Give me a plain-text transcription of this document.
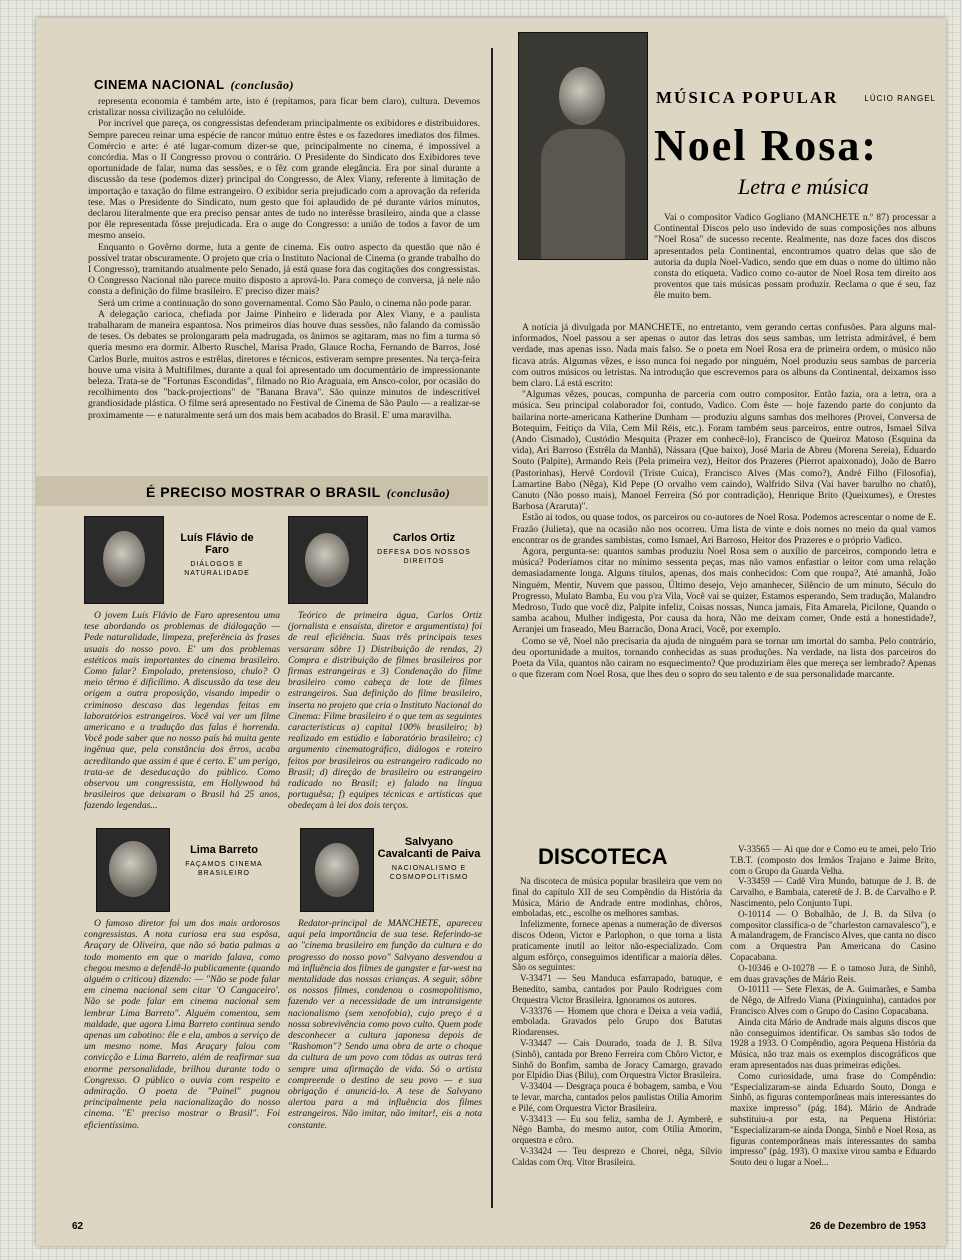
CINEMA NACIONAL (conclusão)

representa economia é também arte, isto é (repitamos, para ficar bem claro), cultura. Devemos cristalizar nossa civilização no celulóide.

Por incrível que pareça, os congressistas defenderam principalmente os exibidores e distribuidores. Sempre pareceu reinar uma espécie de rancor mútuo entre êstes e os fazedores imediatos dos filmes. Comércio e arte: é até lugar-comum dizer-se que, principalmente no cinema, é impossível a concórdia. Mas o II Congresso provou o contrário. O Presidente do Sindicato dos Exibidores teve oportunidade de falar, numa das sessões, e o fêz com grande elegância. Era por sinal durante a discussão da tese (podemos dizer) principal do Congresso, de Alex Viany, referente à limitação de importação e taxação do filme estrangeiro. O exibidor seria prejudicado com a aprovação da referida tese. Mas o Presidente do Sindicato, num gesto que foi aplaudido de pé durante vários minutos, declarou literalmente que era preciso pensar antes de tudo no interêsse brasileiro, ainda que a classe por êle representada fôsse prejudicada. Era o auge do Congresso: a união de todos a favor de um mesmo anseio.

Enquanto o Govêrno dorme, luta a gente de cinema. Eis outro aspecto da questão que não é possível tratar obscuramente. O projeto que cria o Instituto Nacional de Cinema (o grande trabalho do I Congresso), tramitando atualmente pelo Senado, já está quase fora das cogitações dos congressistas. O Congresso Nacional não parece muito disposto a aprová-lo. Para começo de conversa, já nele não consta a definição do filme brasileiro. E' preciso dizer mais?

Será um crime a continuação do sono governamental. Como São Paulo, o cinema não pode parar.

A delegação carioca, chefiada por Jaime Pinheiro e liderada por Alex Viany, e a paulista trabalharam de maneira espantosa. Nos primeiros dias houve duas sessões, não falando da comissão de teses. Os debates se prolongaram pela madrugada, os ânimos se agitaram, mas no fim a turma só queria mesmo era dormir. Alberto Ruschel, Marisa Prado, Glauce Rocha, Fernando de Barros, José Carlos Burle, muitos astros e estrêlas, diretores e técnicos, estiveram sempre presentes. Na terça-feira houve uma visita à Multifilmes, durante a qual foi apresentado um documentário de impressionante beleza. Trata-se de "Fortunas Escondidas", filmado no Rio Araguaia, em Ansco-color, por ocasião do recolhimento dos "back-projections" de "Banana Brava". São quinze minutos de indescritível grandiosidade plástica. O filme será apresentado no Festival de Cinema de São Paulo — a realizar-se proximamente — e naturalmente será um dos mais bem acabados do Brasil. E' uma maravilha.

É PRECISO MOSTRAR O BRASIL (conclusão)
Luís Flávio de Faro
DIÁLOGOS E NATURALIDADE
Carlos Ortiz
DEFESA DOS NOSSOS DIREITOS

O jovem Luís Flávio de Faro apresentou uma tese abordando os problemas de diálogação — Pede naturalidade, limpeza, preferência às frases usuais do nosso povo. E' um dos problemas estéticos mais importantes do cinema brasileiro. Como falar? Empolado, pretensioso, chulo? O meio têrmo é dificílimo. A discussão da tese deu origem a outra proposição, visando impedir o criminoso descaso das legendas feitas em laboratórios estrangeiros. Você vai ver um filme americano e a tradução das falas é horrenda. Você pode saber que no nosso país há muita gente ingênua que, pela constância dos êrros, acaba acreditando que assim é que é certo. E' um perigo, trata-se de deseducação do público. Como observou um congressista, em Hollywood há brasileiros que deixaram o Brasil há 25 anos, fazendo legendas...

Teórico de primeira água, Carlos Ortiz (jornalista e ensaísta, diretor e argumentista) foi de real eficiência. Suas três principais teses versaram sôbre 1) Distribuição de rendas, 2) Compra e distribuição de filmes brasileiros por firmas estrangeiras e 3) Condenação do filme brasileiro como cabeça de lote de filmes estrangeiros. Sua definição do filme brasileiro, inserta no projeto que cria o Instituto Nacional do Cinema: Filme brasileiro é o que tem as seguintes características a) capital 100% brasileiro; b) realizado em estúdio e laboratório brasileiro; c) argumento cinematográfico, diálogos e roteiro feitos por brasileiros ou estrangeiro radicado no Brasil; d) direção de brasileiro ou estrangeiro radicado no Brasil; e) falado na língua portuguêsa; f) equipes técnicas e artísticas que obedeçam à lei dos dois terços.

Lima Barreto
FAÇAMOS CINEMA BRASILEIRO
Salvyano Cavalcanti de Paiva
NACIONALISMO E COSMOPOLITISMO

O famoso diretor foi um dos mais ardorosos congressistas. A nota curiosa era sua espôsa, Araçary de Oliveira, que não só batia palmas a todo momento em que o marido falava, como chegou mesmo a defendê-lo publicamente (quando alguém o criticou) dizendo: — "Não se pode falar em cinema nacional sem citar 'O Cangaceiro'. Não se pode falar em cinema nacional sem lembrar Lima Barreto". Alguém comentou, sem maldade, que agora Lima Barreto continua sendo apenas um cabotino: êle e ela, ambos a serviço de um mesmo nome. Mas Araçary falou com convicção e Lima Barreto, além de reafirmar sua enorme personalidade, brilhou durante todo o Congresso. O público o ouvia com respeito e admiração. O poeta de "Painel" pugnou principalmente pela nacionalização do nosso cinema. "E' preciso mostrar o Brasil". Foi eficientíssimo.

Redator-principal de MANCHETE, apareceu aqui pela importância de sua tese. Referindo-se ao "cinema brasileiro em função da cultura e do progresso do nosso povo" Salvyano desvendou a má influência dos filmes de gangster e far-west na mentalidade das nossas crianças. A seguir, sôbre os nossos filmes, condenou o cosmopolitismo, fazendo ver a necessidade de um intransigente nacionalismo (sem xenofobia), cujo preço é a nossa sobrevivência como povo culto. Quem pode desconhecer a cultura japonesa depois de "Rashomon"? Sendo uma obra de arte o choque da cultura de um povo com tôdas as outras terá sempre uma afirmação de vida. Só o artista compreende o destino de seu povo — e sua obrigação é anunciá-lo. A tese de Salvyano alertou para a má influência dos filmes estrangeiros. Não imitar, não imitar!, eis a nota constante.

62
MÚSICA POPULAR	LÚCIO RANGEL
Noel Rosa:
Letra e música

Vai o compositor Vadico Gogliano (MANCHETE n.º 87) processar a Continental Discos pelo uso indevido de suas composições nos albuns "Noel Rosa" de sucesso recente. Realmente, nas doze faces dos discos apresentados pela Continental, encontramos quatro delas que são de autoria da dupla Noel-Vadico, sendo que em duas o nome do último não consta do etiqueta. Vadico como co-autor de Noel Rosa tem direito aos proventos que tais músicas possam produzir. Reclama o que é seu, faz êle muito bem.

A notícia já divulgada por MANCHETE, no entretanto, vem gerando certas confusões. Para alguns mal-informados, Noel passou a ser apenas o autor das letras dos seus sambas, um letrista admirável, é bem verdade, mas apenas isso. Nada mais falso. Se o poeta em Noel Rosa era de primeira ordem, o músico não ficava atrás. Algumas vêzes, e isso nunca foi negado por ninguém, Noel produziu seus sambas de parceria com outros músicos ou letristas. Na introdução que escrevemos para os albuns da Continental, deixamos isso bem claro. Lá está escrito:

"Algumas vêzes, poucas, compunha de parceria com outro compositor. Então fazia, ora a letra, ora a música. Seu principal colaborador foi, contudo, Vadico. Com êste — hoje fazendo parte do conjunto da bailarina norte-americana Katherine Dunham — produziu alguns sambas dos melhores (Provei, Conversa de Botequim, Feitiço da Vila, Cem Mil Réis, etc.). Foram também seus parceiros, entre outros, Ismael Silva (Ando Cismado), Custódio Mesquita (Prazer em conhecê-lo), Francisco de Queiroz Matoso (Esquina da vida), Ari Barroso (Estrêla da Manhã), Nássara (Que baixo), José Maria de Abreu (Morena Sereia), Eduardo Souto (Palpite), Armando Reis (Pela primeira vez), Heitor dos Prazeres (Pierrot apaixonado), João de Barro (Pastorinhas), Hervê Cordovil (Triste Cuíca), Francisco Alves (Mas como?), André Filho (Filosofia), Lamartine Babo (Nêga), Kid Pepe (O orvalho vem caindo), Walfrido Silva (Vai haver barulho no chatô), Canuto (Não posso mais), Manoel Ferreira (Só por contradição), Henrique Brito (Queixumes), e Orestes Barbosa (Araruta)".

Estão aí todos, ou quase todos, os parceiros ou co-autores de Noel Rosa. Podemos acrescentar o nome de E. Frazão (Julieta), que na ocasião não nos ocorreu. Uma lista de vinte e dois nomes no meio da qual vamos encontrar os de grandes sambistas, como Ismael, Ari Barroso, Heitor dos Prazeres e o próprio Vadico.

Agora, pergunta-se: quantos sambas produziu Noel Rosa sem o auxílio de parceiros, compondo letra e música? Poderíamos citar no mínimo sessenta peças, mas não vamos enfastiar o leitor com uma relação demasiadamente longa. Alguns títulos, apenas, dos mais conhecidos: Com que roupa?, Até amanhã, João Ninguém, Mentir, Nuvem que passou, Último desejo, Vejo amanhecer, Silêncio de um minuto, Século do Progresso, Mulato Bamba, Eu vou p'ra Vila, Você vai se quizer, Estamos esperando, Sem tradução, Malandro Medroso, Tudo que você diz, Palpite infeliz, Coisas nossas, Nunca jamais, Fita Amarela, Picilone, Quando o samba acabou, Mulher indigesta, Por causa da hora, Não me deixam comer, Onde está a honestidade?, Arranjei um fraseado, Meu Barracão, Dona Araci, Você, por exemplo.

Como se vê, Noel não precisaria da ajuda de ninguém para se tornar um imortal do samba. Pelo contrário, deu oportunidade a muitos, tornando conhecidas as suas produções. Na verdade, na lista dos parceiros do Poeta da Vila, quantos não cairam no esquecimento? Que produziriam êles que mereça ser lembrado? Apenas o que fizeram com Noel Rosa, que lhes deu o sopro do seu talento e de sua personalidade marcante.

DISCOTECA

Na discoteca de música popular brasileira que vem no final do capítulo XII de seu Compêndio da História da Música, Mário de Andrade entre modinhas, chôros, emboladas, etc., escolhe os melhores sambas.

Infelizmente, fornece apenas a numeração de diversos discos Odeon, Victor e Parlophon, o que torna a lista praticamente inutil ao leitor não-especializado. Com algum esfôrço, conseguimos identificar a maioria dêles. São os seguintes:

V-33471 — Seu Manduca esfarrapado, batuque, e Benedito, samba, cantados por Paulo Rodrigues com Orquestra Victor Brasileira. Ignoramos os autores.

V-33376 — Homem que chora e Deixa a veia vadiá, embolada. Gravados pelo Grupo dos Batutas Riodarenses.

V-33447 — Cais Dourado, toada de J. B. Silva (Sinhô), cantada por Breno Ferreira com Chôro Victor, e Sinhô do Bonfim, samba de Joracy Camargo, gravado por Elpídio Dias (Bilu), com Orquestra Victor Brasileira.

V-33404 — Desgraça pouca é bobagem, samba, e Vou te levar, marcha, cantados pelos paulistas Otília Amorim e Pilé, com Orquestra Victor Brasileira.

V-33413 — Eu sou feliz, samba de J. Aymberê, e Nêgo Bamba, do mesmo autor, com Otília Amorim, orquestra e côro.

V-33424 — Teu desprezo e Chorei, nêga, Sílvio Caldas com Orq. Vitor Brasileira.

V-33565 — Ai que dor e Como eu te amei, pelo Trio T.B.T. (composto dos Irmãos Trajano e Jaime Brito, com o Grupo da Guarda Velha.

V-33459 — Cadê Vira Mundo, batuque de J. B. de Carvalho, e Bambaia, cateretê de J. B. de Carvalho e P. Nascimento, pelo Conjunto Tupi.

O-10114 — O Bobalhão, de J. B. da Silva (o compositor classifica-o de "charleston carnavalesco"), e A malandragem, de Francisco Alves, que canta no disco com a Orquestra Pan Americana do Casino Copacabana.

O-10346 e O-10278 — E o tamoso Jura, de Sinhô, em duas gravações de Mário Reis.

O-10111 — Sete Flexas, de A. Guimarães, e Samba de Nêgo, de Alfredo Viana (Pixinguinha), cantados por Francisco Alves com o Grupo do Casino Copacabana.

Ainda cita Mário de Andrade mais alguns discos que não conseguimos identificar. Os sambas são todos de 1928 a 1933. O Compêndio, agora Pequena História da Música, não traz mais os exemplos discográficos que eram apresentados nas duas primeiras edições.

Como curiosidade, uma frase do Compêndio: "Especializaram-se ainda Eduardo Souto, Donga e Sinhô, as figuras contemporâneas mais interessantes do maxixe impresso" (pág. 184). Mário de Andrade substituiu-a por esta, na Pequena História: "Especializaram-se ainda Donga, Sinhô e Noel Rosa, as figuras contemporâneas mais interessantes do samba impresso" (pág. 193). O maxixe virou samba e Eduardo Souto deu o lugar a Noel...

26 de Dezembro de 1953
